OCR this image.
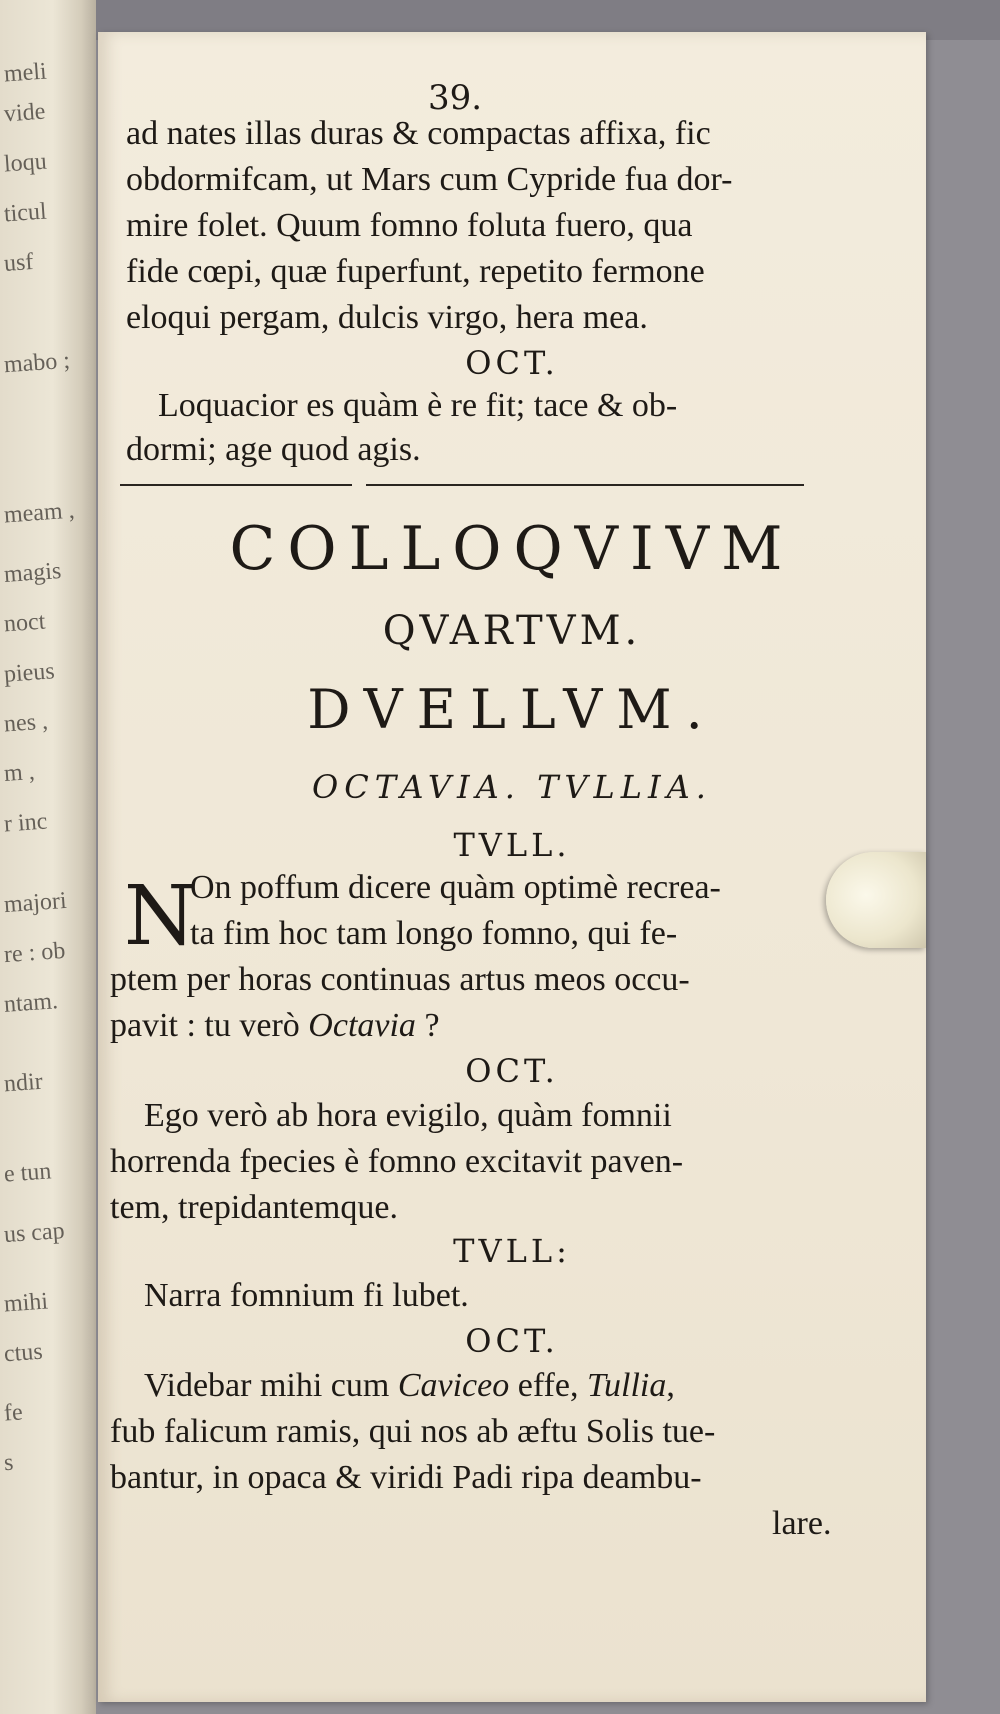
meli
vide
loqu
ticul
usf
mabo ;
meam ,
magis
noct
pieus
nes ,
m ,
r inc
majori
re : ob
ntam.
ndir
e tun
us cap
mihi
ctus
fe
s
39.
ad nates illas duras & compactas affixa, fic
obdormifcam, ut Mars cum Cypride fua dor-
mire folet. Quum fomno foluta fuero, qua
fide cœpi, quæ fuperfunt, repetito fermone
eloqui pergam, dulcis virgo, hera mea.
OCT.
Loquacior es quàm è re fit; tace & ob-
dormi; age quod agis.
COLLOQVIVM
QVARTVM.
DVELLVM.
OCTAVIA. TVLLIA.
TVLL.
N
On poffum dicere quàm optimè recrea-
ta fim hoc tam longo fomno, qui fe-
ptem per horas continuas artus meos occu-
pavit : tu verò Octavia ?
OCT.
Ego verò ab hora evigilo, quàm fomnii
horrenda fpecies è fomno excitavit paven-
tem, trepidantemque.
TVLL:
Narra fomnium fi lubet.
OCT.
Videbar mihi cum Caviceo effe, Tullia,
fub falicum ramis, qui nos ab æftu Solis tue-
bantur, in opaca & viridi Padi ripa deambu-
lare.
